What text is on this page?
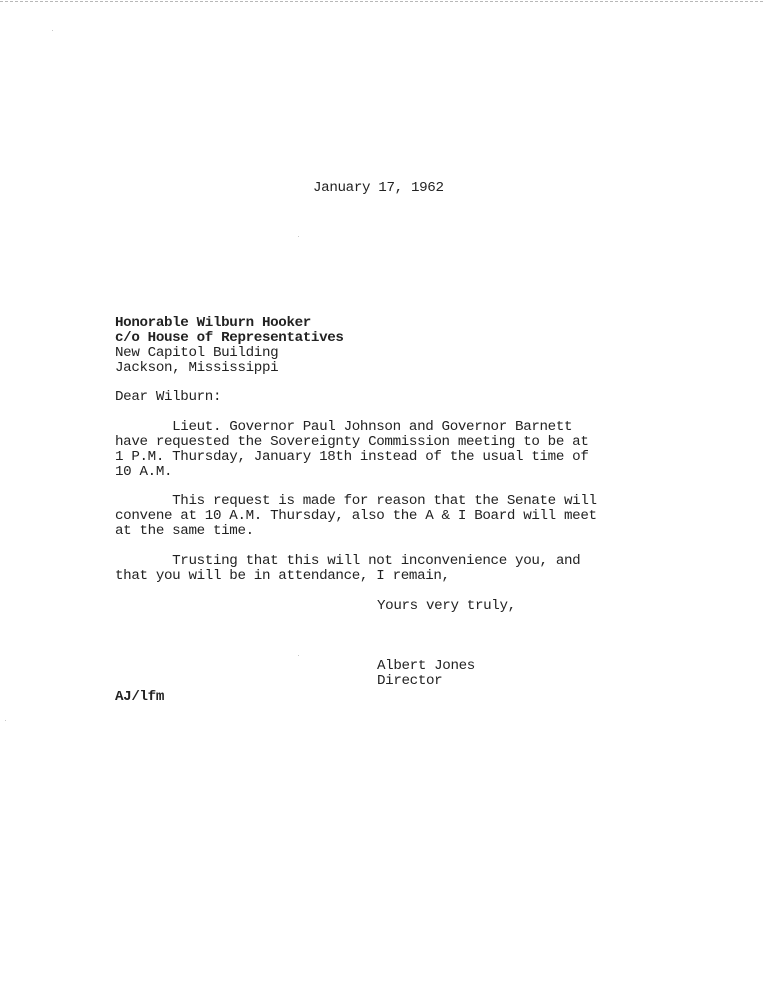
January 17, 1962
Honorable Wilburn Hooker
c/o House of Representatives
New Capitol Building
Jackson, Mississippi
Dear Wilburn:
Lieut. Governor Paul Johnson and Governor Barnett
have requested the Sovereignty Commission meeting to be at
1 P.M. Thursday, January 18th instead of the usual time of
10 A.M.
This request is made for reason that the Senate will
convene at 10 A.M. Thursday, also the A & I Board will meet
at the same time.
Trusting that this will not inconvenience you, and
that you will be in attendance, I remain,
Yours very truly,
Albert Jones
Director
AJ/lfm
